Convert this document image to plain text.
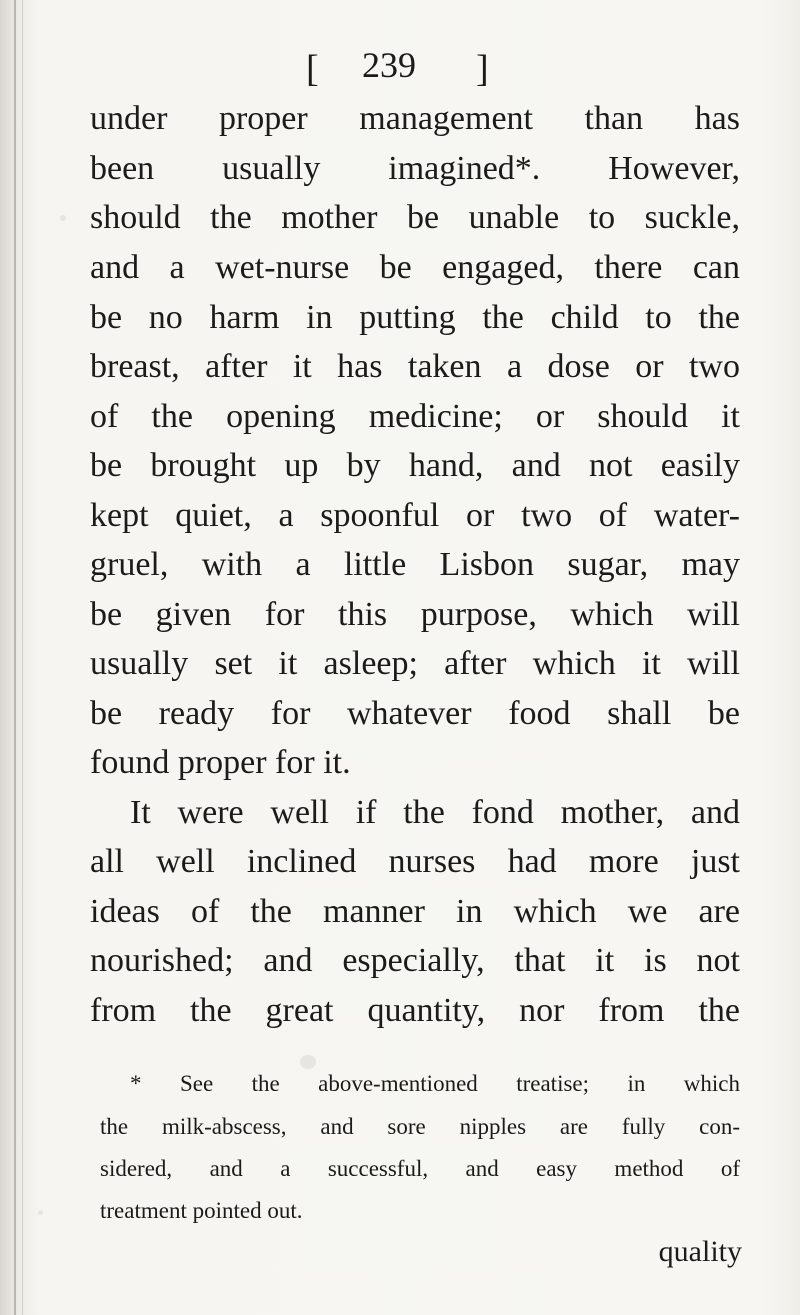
[ 239 ]
under proper management than has
been usually imagined*. However,
should the mother be unable to suckle,
and a wet-nurse be engaged, there can
be no harm in putting the child to the
breast, after it has taken a dose or two
of the opening medicine; or should it
be brought up by hand, and not easily
kept quiet, a spoonful or two of water-
gruel, with a little Lisbon sugar, may
be given for this purpose, which will
usually set it asleep; after which it will
be ready for whatever food shall be
found proper for it.
It were well if the fond mother, and
all well inclined nurses had more just
ideas of the manner in which we are
nourished; and especially, that it is not
from the great quantity, nor from the
* See the above-mentioned treatise; in which
the milk-abscess, and sore nipples are fully con-
sidered, and a successful, and easy method of
treatment pointed out.
quality
